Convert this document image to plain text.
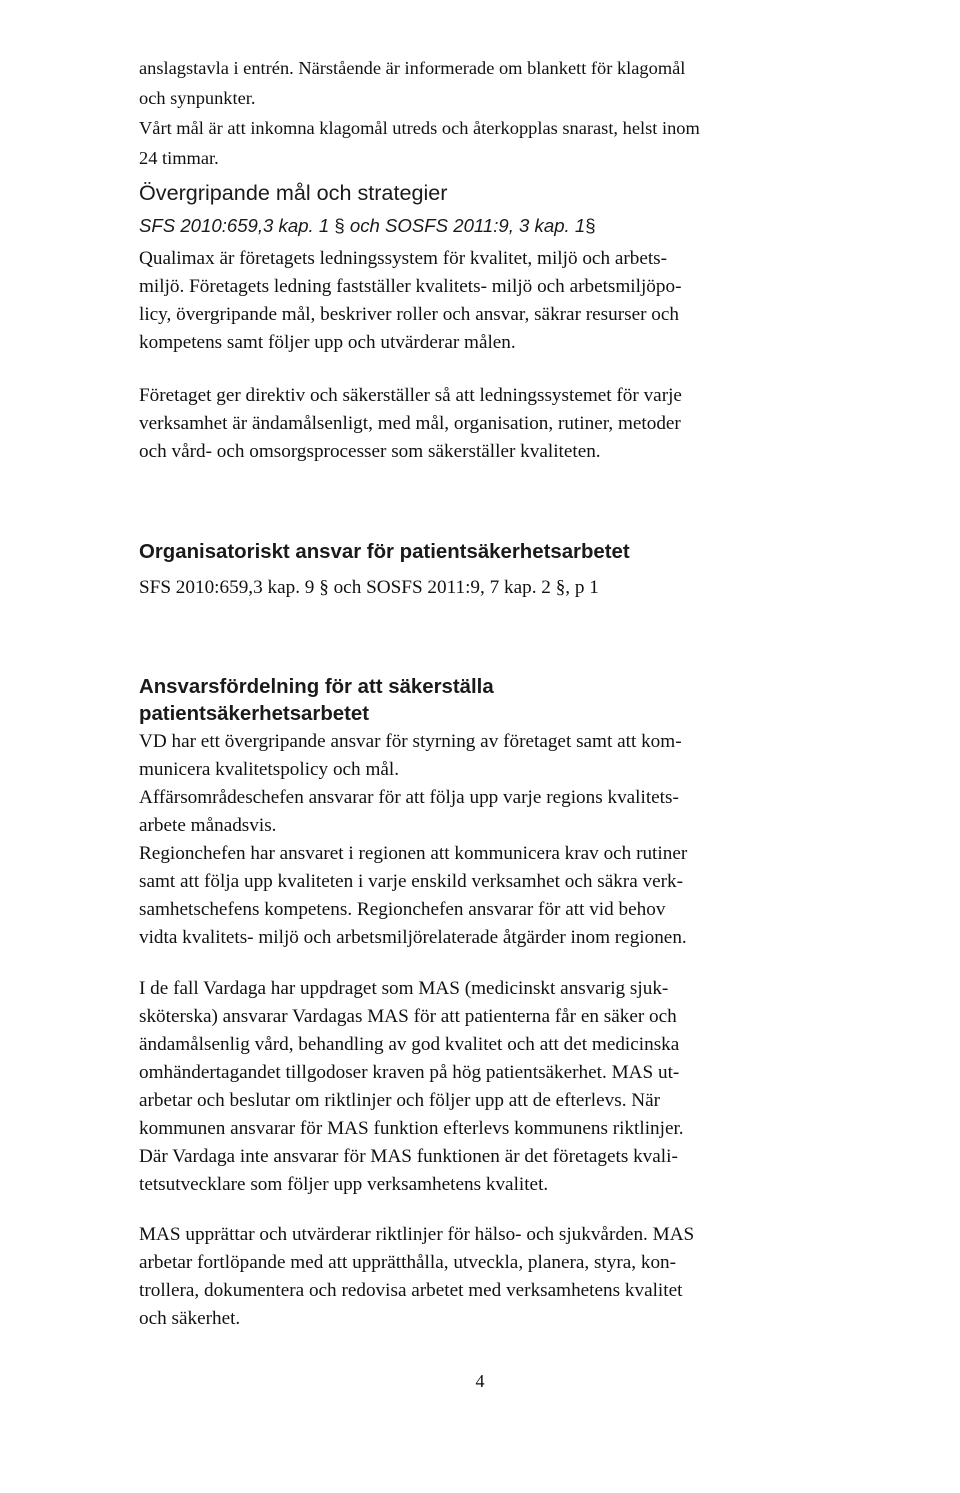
anslagstavla i entrén. Närstående är informerade om blankett för klagomål
och synpunkter.
Vårt mål är att inkomna klagomål utreds och återkopplas snarast, helst inom
24 timmar.
Övergripande mål och strategier
SFS 2010:659,3 kap. 1 § och SOSFS 2011:9, 3 kap. 1§
Qualimax är företagets ledningssystem för kvalitet, miljö och arbets-
miljö. Företagets ledning fastställer kvalitets- miljö och arbetsmiljöpo-
licy, övergripande mål, beskriver roller och ansvar, säkrar resurser och
kompetens samt följer upp och utvärderar målen.
Företaget ger direktiv och säkerställer så att ledningssystemet för varje
verksamhet är ändamålsenligt, med mål, organisation, rutiner, metoder
och vård- och omsorgsprocesser som säkerställer kvaliteten.
Organisatoriskt ansvar för patientsäkerhetsarbetet
SFS 2010:659,3 kap. 9 § och SOSFS 2011:9, 7 kap. 2 §, p 1
Ansvarsfördelning för att säkerställa
patientsäkerhetsarbetet
VD har ett övergripande ansvar för styrning av företaget samt att kom-
municera kvalitetspolicy och mål.
Affärsområdeschefen ansvarar för att följa upp varje regions kvalitets-
arbete månadsvis.
Regionchefen har ansvaret i regionen att kommunicera krav och rutiner
samt att följa upp kvaliteten i varje enskild verksamhet och säkra verk-
samhetschefens kompetens. Regionchefen ansvarar för att vid behov
vidta kvalitets- miljö och arbetsmiljörelaterade åtgärder inom regionen.
I de fall Vardaga har uppdraget som MAS (medicinskt ansvarig sjuk-
sköterska) ansvarar Vardagas MAS för att patienterna får en säker och
ändamålsenlig vård, behandling av god kvalitet och att det medicinska
omhändertagandet tillgodoser kraven på hög patientsäkerhet. MAS ut-
arbetar och beslutar om riktlinjer och följer upp att de efterlevs. När
kommunen ansvarar för MAS funktion efterlevs kommunens riktlinjer.
Där Vardaga inte ansvarar för MAS funktionen är det företagets kvali-
tetsutvecklare som följer upp verksamhetens kvalitet.
MAS upprättar och utvärderar riktlinjer för hälso- och sjukvården. MAS
arbetar fortlöpande med att upprätthålla, utveckla, planera, styra, kon-
trollera, dokumentera och redovisa arbetet med verksamhetens kvalitet
och säkerhet.
4
